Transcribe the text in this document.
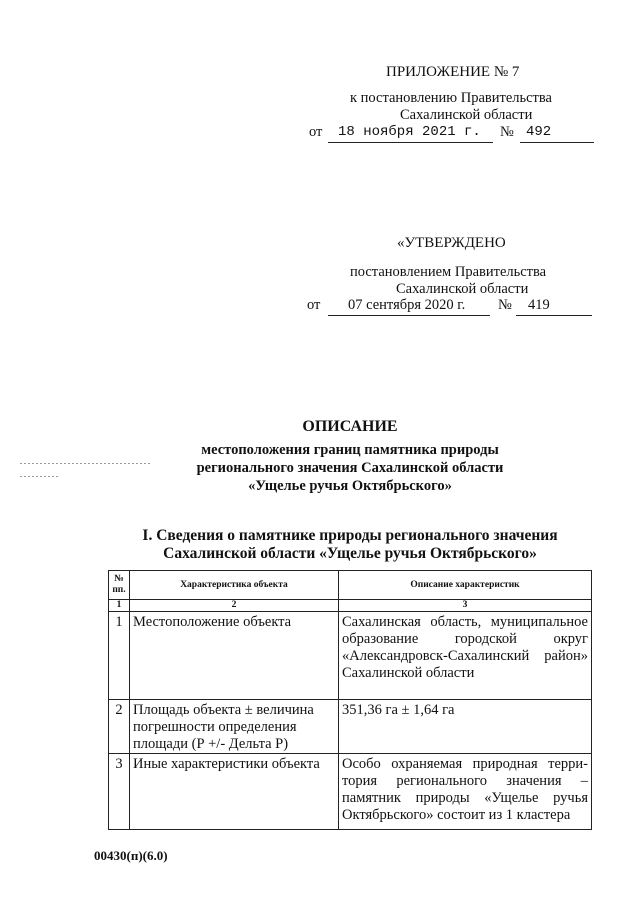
ПРИЛОЖЕНИЕ № 7
к постановлению Правительства
Сахалинской области
от	18 ноября 2021 г.	№ 492
«УТВЕРЖДЕНО
постановлением Правительства
Сахалинской области
от	07 сентября 2020 г.	№	419
ОПИСАНИЕ
местоположения границ памятника природы
регионального значения Сахалинской области
«Ущелье ручья Октябрьского»
I. Сведения о памятнике природы регионального значения
Сахалинской области «Ущелье ручья Октябрьского»
№ пп.	Характеристика объекта	Описание характеристик
1	2	3
1	Местоположение объекта	Сахалинская область, муниципальное
образование городской округ
«Александровск-Сахалинский район»
Сахалинской области

2	Площадь объекта ± величина
погрешности определения
площади (Р +/- Дельта Р)	351,36 га ± 1,64 га
3	Иные характеристики объекта	Особо охраняемая природная терри-
тория регионального значения –
памятник природы «Ущелье ручья
Октябрьского» состоит из 1 кластера
00430(п)(6.0)
